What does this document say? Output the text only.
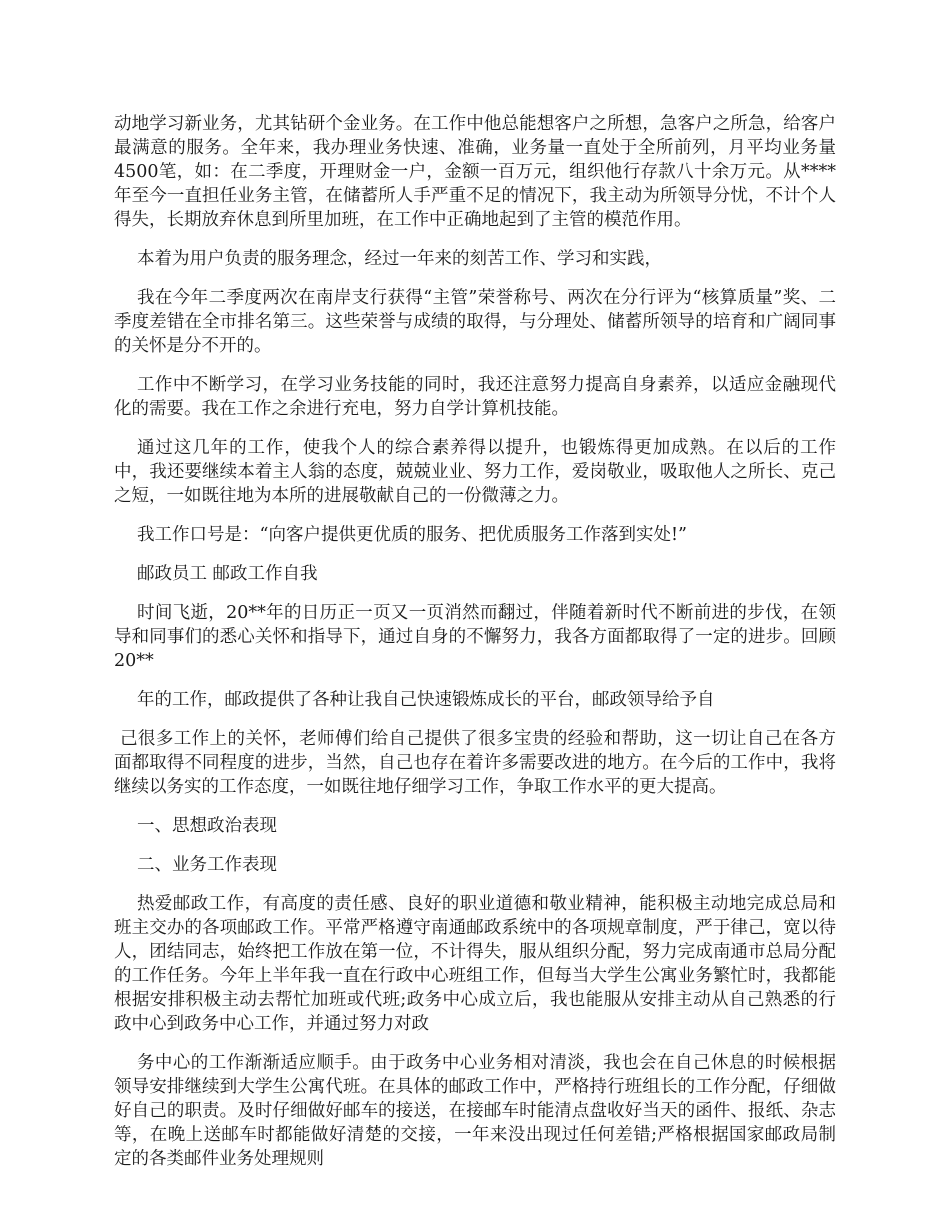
动地学习新业务，尤其钻研个金业务。在工作中他总能想客户之所想，急客户之所急，给客户最满意的服务。全年来，我办理业务快速、准确，业务量一直处于全所前列，月平均业务量4500笔，如：在二季度，开理财金一户，金额一百万元，组织他行存款八十余万元。从****年至今一直担任业务主管，在储蓄所人手严重不足的情况下，我主动为所领导分忧，不计个人得失，长期放弃休息到所里加班，在工作中正确地起到了主管的模范作用。

本着为用户负责的服务理念，经过一年来的刻苦工作、学习和实践，

我在今年二季度两次在南岸支行获得“主管”荣誉称号、两次在分行评为“核算质量”奖、二季度差错在全市排名第三。这些荣誉与成绩的取得，与分理处、储蓄所领导的培育和广阔同事的关怀是分不开的。

工作中不断学习，在学习业务技能的同时，我还注意努力提高自身素养，以适应金融现代化的需要。我在工作之余进行充电，努力自学计算机技能。

通过这几年的工作，使我个人的综合素养得以提升，也锻炼得更加成熟。在以后的工作中，我还要继续本着主人翁的态度，兢兢业业、努力工作，爱岗敬业，吸取他人之所长、克己之短，一如既往地为本所的进展敬献自己的一份微薄之力。

我工作口号是：“向客户提供更优质的服务、把优质服务工作落到实处!”

邮政员工 邮政工作自我

时间飞逝，20**年的日历正一页又一页消然而翻过，伴随着新时代不断前进的步伐，在领导和同事们的悉心关怀和指导下，通过自身的不懈努力，我各方面都取得了一定的进步。回顾20**

年的工作，邮政提供了各种让我自己快速锻炼成长的平台，邮政领导给予自

己很多工作上的关怀，老师傅们给自己提供了很多宝贵的经验和帮助，这一切让自己在各方面都取得不同程度的进步，当然，自己也存在着许多需要改进的地方。在今后的工作中，我将继续以务实的工作态度，一如既往地仔细学习工作，争取工作水平的更大提高。

一、思想政治表现

二、业务工作表现

热爱邮政工作，有高度的责任感、良好的职业道德和敬业精神，能积极主动地完成总局和班主交办的各项邮政工作。平常严格遵守南通邮政系统中的各项规章制度，严于律己，宽以待人，团结同志，始终把工作放在第一位，不计得失，服从组织分配，努力完成南通市总局分配的工作任务。今年上半年我一直在行政中心班组工作，但每当大学生公寓业务繁忙时，我都能根据安排积极主动去帮忙加班或代班;政务中心成立后，我也能服从安排主动从自己熟悉的行政中心到政务中心工作，并通过努力对政

务中心的工作渐渐适应顺手。由于政务中心业务相对清淡，我也会在自己休息的时候根据领导安排继续到大学生公寓代班。在具体的邮政工作中，严格持行班组长的工作分配，仔细做好自己的职责。及时仔细做好邮车的接送，在接邮车时能清点盘收好当天的函件、报纸、杂志等，在晚上送邮车时都能做好清楚的交接，一年来没出现过任何差错;严格根据国家邮政局制定的各类邮件业务处理规则
